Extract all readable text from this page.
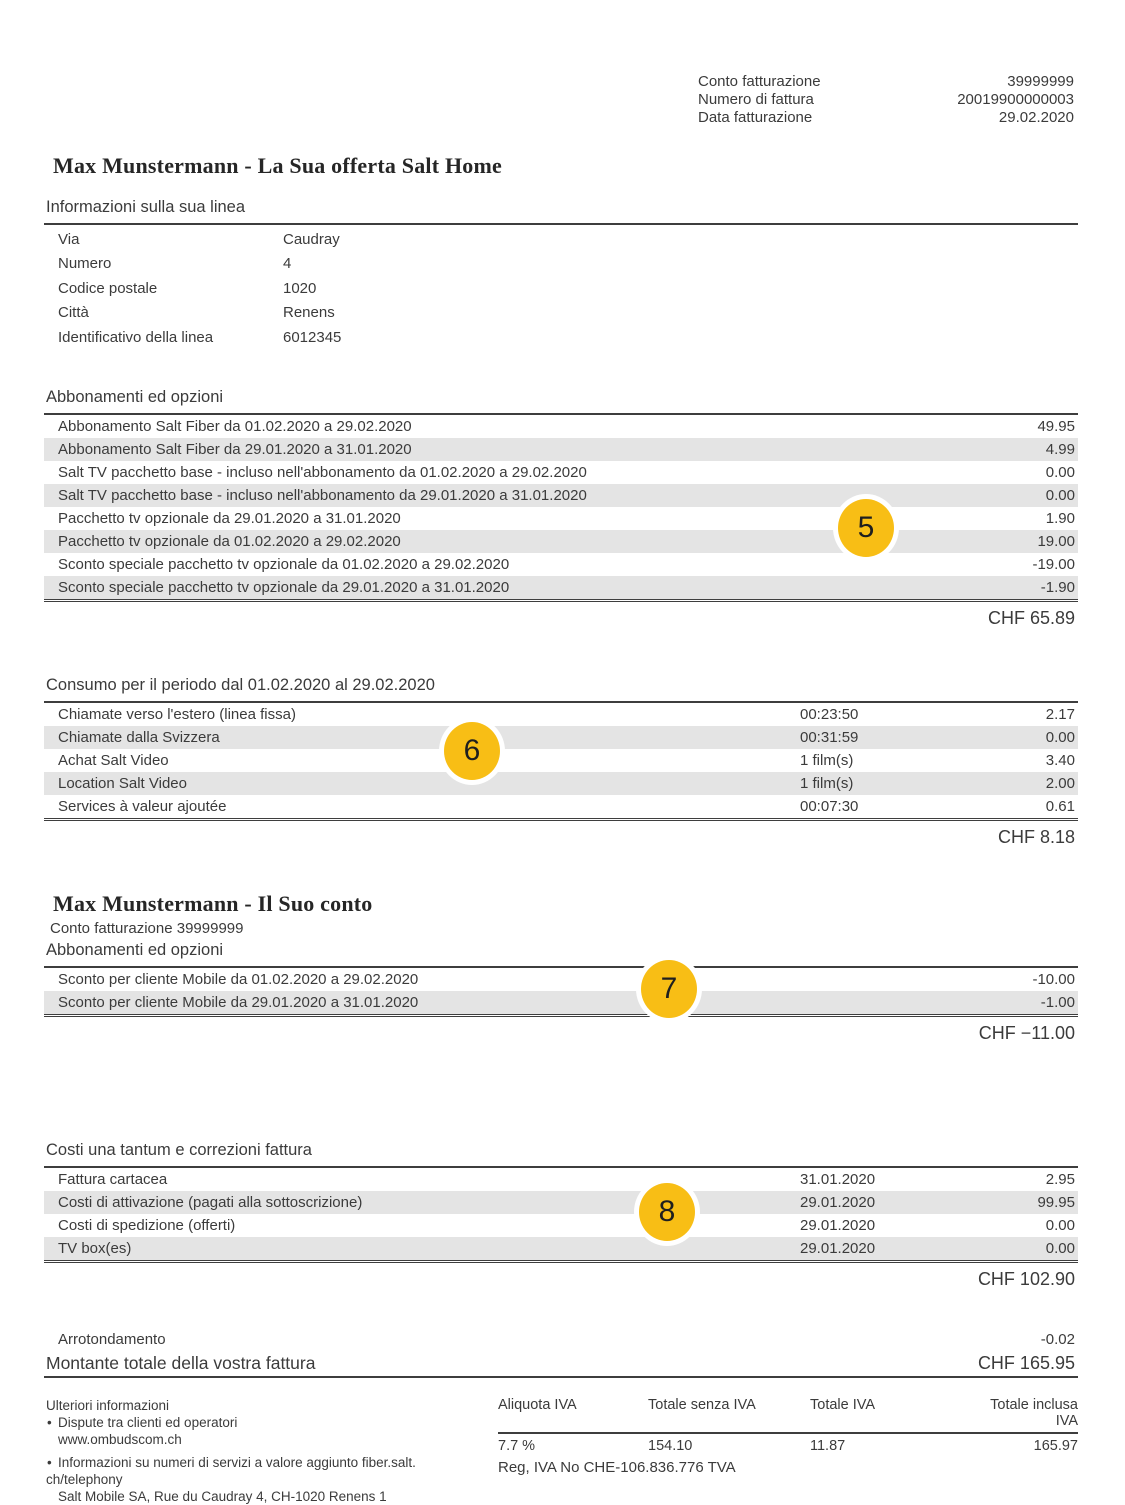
Conto fatturazione	39999999
Numero di fattura	20019900000003
Data fatturazione	29.02.2020
Max Munstermann - La Sua offerta Salt Home
Informazioni sulla sua linea
Via	Caudray
Numero	4
Codice postale	1020
Città	Renens
Identificativo della linea	6012345
Abbonamenti ed opzioni
Abbonamento Salt Fiber da 01.02.2020 a 29.02.2020	49.95
Abbonamento Salt Fiber da 29.01.2020 a 31.01.2020	4.99
Salt TV pacchetto base - incluso nell'abbonamento da 01.02.2020 a 29.02.2020	0.00
Salt TV pacchetto base - incluso nell'abbonamento da 29.01.2020 a 31.01.2020	0.00
Pacchetto tv opzionale da 29.01.2020 a 31.01.2020	1.90
Pacchetto tv opzionale da 01.02.2020 a 29.02.2020	19.00
Sconto speciale pacchetto tv opzionale da 01.02.2020 a 29.02.2020	-19.00
Sconto speciale pacchetto tv opzionale da 29.01.2020 a 31.01.2020	-1.90
CHF 65.89
Consumo per il periodo dal 01.02.2020 al 29.02.2020
Chiamate verso l'estero (linea fissa)	00:23:50	2.17
Chiamate dalla Svizzera	00:31:59	0.00
Achat Salt Video	1 film(s)	3.40
Location Salt Video	1 film(s)	2.00
Services à valeur ajoutée	00:07:30	0.61
CHF 8.18
Max Munstermann - Il Suo conto
Conto fatturazione 39999999
Abbonamenti ed opzioni
Sconto per cliente Mobile da 01.02.2020 a 29.02.2020	-10.00
Sconto per cliente Mobile da 29.01.2020 a 31.01.2020	-1.00
CHF −11.00
Costi una tantum e correzioni fattura
Fattura cartacea	31.01.2020	2.95
Costi di attivazione (pagati alla sottoscrizione)	29.01.2020	99.95
Costi di spedizione (offerti)	29.01.2020	0.00
TV box(es)	29.01.2020	0.00
CHF 102.90
Arrotondamento	-0.02
Montante totale della vostra fattura	CHF 165.95
Ulteriori informazioni
• Dispute tra clienti ed operatori
www.ombudscom.ch
• Informazioni su numeri di servizi a valore aggiunto fiber.salt.
ch/telephony
Salt Mobile SA, Rue du Caudray 4, CH-1020 Renens 1
Aliquota IVA	Totale senza IVA	Totale IVA	Totale inclusa IVA
7.7 %	154.10	11.87	165.97
Reg, IVA No CHE-106.836.776 TVA
5
6
7
8
